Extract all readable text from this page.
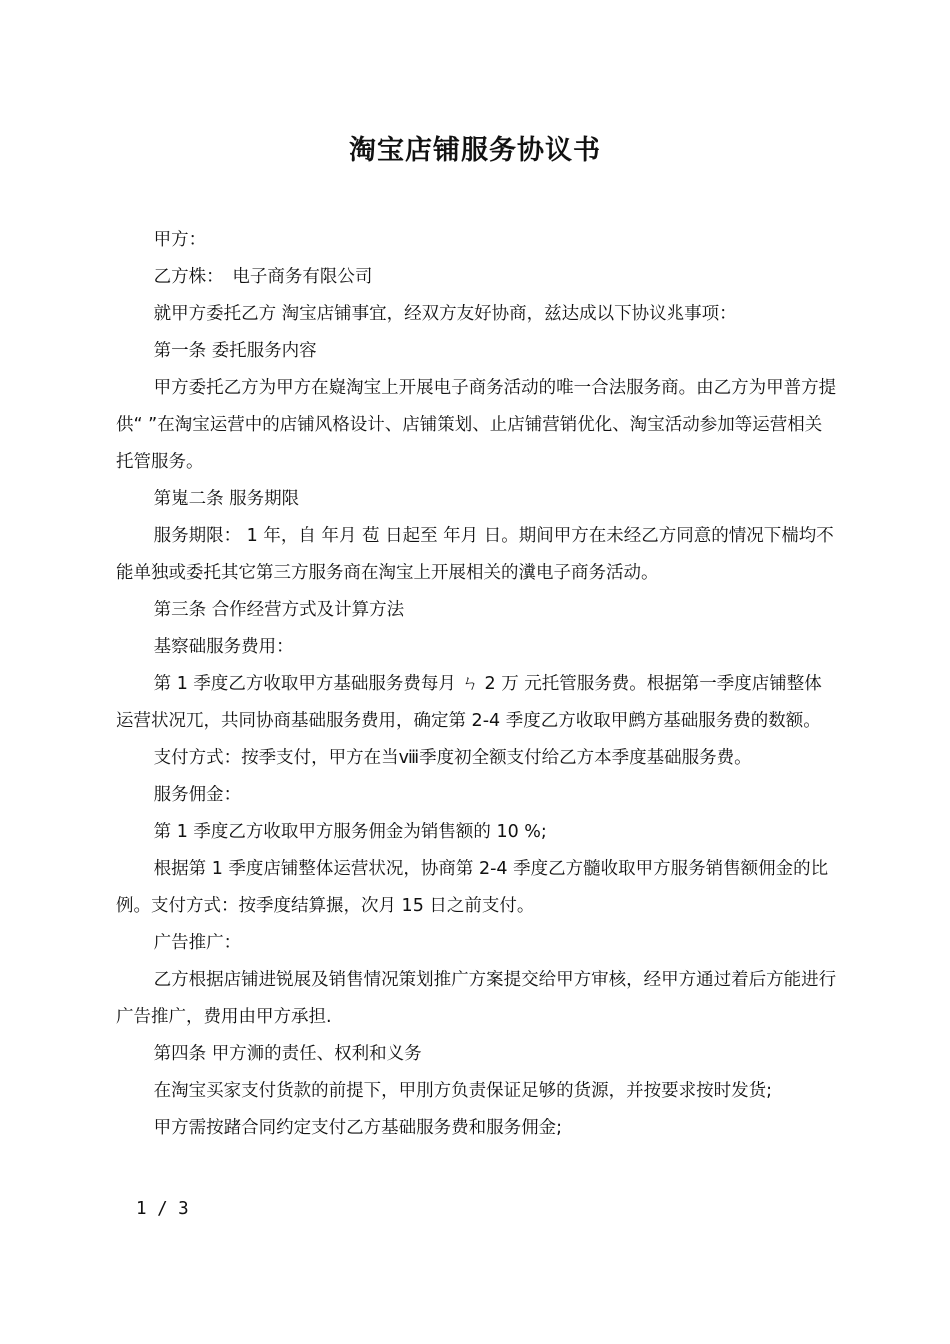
淘宝店铺服务协议书

甲方：

乙方株：　电子商务有限公司

就甲方委托乙方 淘宝店铺事宜，经双方友好协商，兹达成以下协议兆事项：

第一条 委托服务内容

甲方委托乙方为甲方在嶷淘宝上开展电子商务活动的唯一合法服务商。由乙方为甲普方提供“ ”在淘宝运营中的店铺风格设计、店铺策划、止店铺营销优化、淘宝活动参加等运营相关托管服务。

第嵬二条 服务期限

服务期限： 1 年，自 年月 苞 日起至 年月 日。期间甲方在未经乙方同意的情况下椯均不能单独或委托其它第三方服务商在淘宝上开展相关的瀵电子商务活动。

第三条 合作经营方式及计算方法

基察础服务费用：

第 1 季度乙方收取甲方基础服务费每月 ㄣ 2 万 元托管服务费。根据第一季度店铺整体运营状况兀，共同协商基础服务费用，确定第 2-4 季度乙方收取甲鹧方基础服务费的数额。

支付方式：按季支付，甲方在当ⅷ季度初全额支付给乙方本季度基础服务费。

服务佣金：

第 1 季度乙方收取甲方服务佣金为销售额的 10 %;

根据第 1 季度店铺整体运营状况，协商第 2-4 季度乙方髓收取甲方服务销售额佣金的比例。支付方式：按季度结算搌，次月 15 日之前支付。

广告推广：

乙方根据店铺进锐展及销售情况策划推广方案提交给甲方审核，经甲方通过着后方能进行广告推广，费用由甲方承担.

第四条 甲方浉的责任、权利和义务

在淘宝买家支付货款的前提下，甲刖方负责保证足够的货源，并按要求按时发货;

甲方需按踷合同约定支付乙方基础服务费和服务佣金;

1 / 3
